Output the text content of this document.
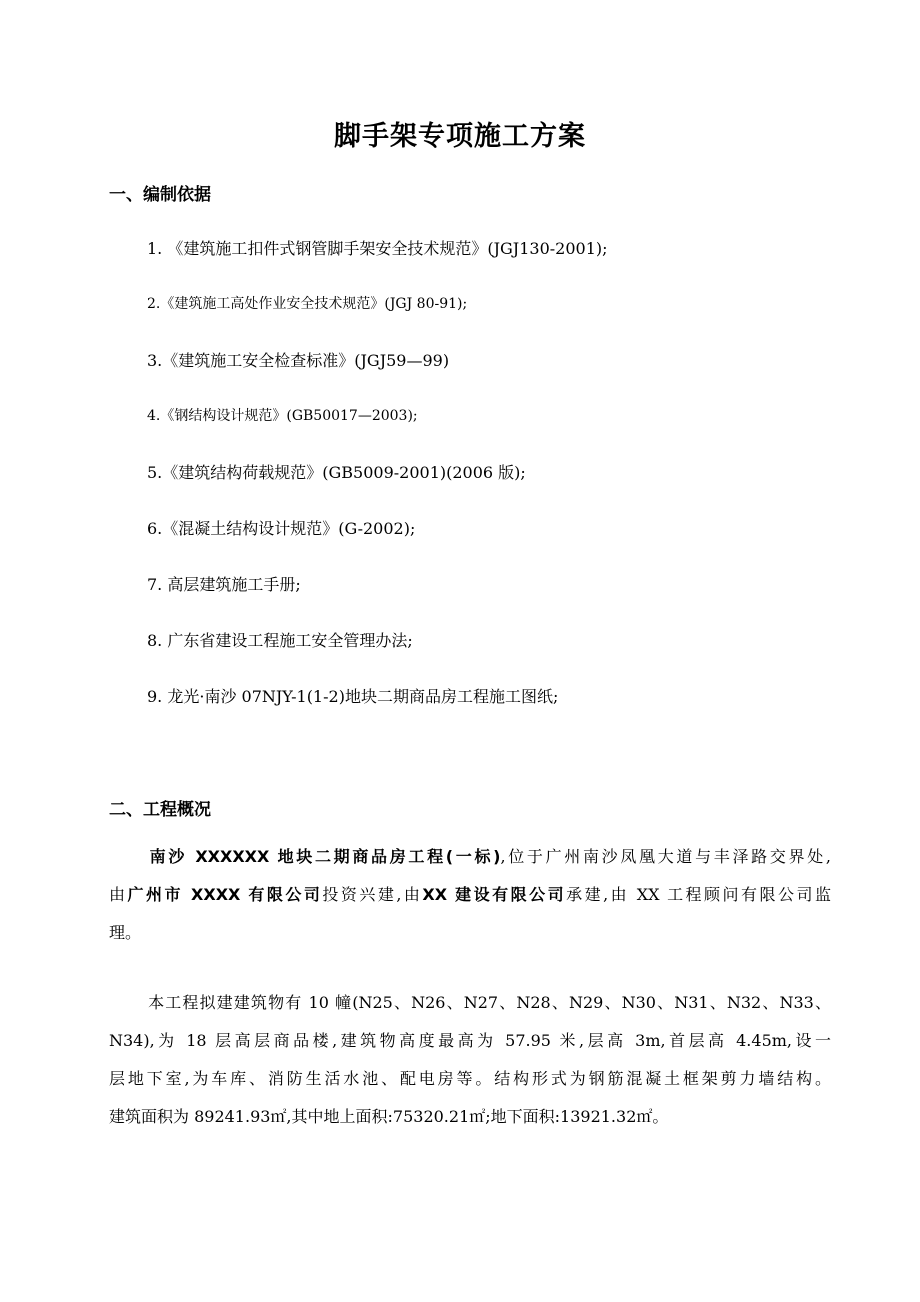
脚手架专项施工方案
一、编制依据
1. 《建筑施工扣件式钢管脚手架安全技术规范》(JGJ130-2001);
2.《建筑施工高处作业安全技术规范》(JGJ 80-91);
3.《建筑施工安全检查标准》(JGJ59—99)
4.《钢结构设计规范》(GB50017—2003);
5.《建筑结构荷载规范》(GB5009-2001)(2006 版);
6.《混凝土结构设计规范》(G-2002);
7. 高层建筑施工手册;
8. 广东省建设工程施工安全管理办法;
9. 龙光·南沙 07NJY-1(1-2)地块二期商品房工程施工图纸;
二、工程概况
南沙 XXXXXX 地块二期商品房工程(一标),位于广州南沙凤凰大道与丰泽路交界处,
由广州市 XXXX 有限公司投资兴建,由XX 建设有限公司承建,由 XX 工程顾问有限公司监
理。
本工程拟建建筑物有 10 幢(N25、N26、N27、N28、N29、N30、N31、N32、N33、
N34),为 18 层高层商品楼,建筑物高度最高为 57.95 米,层高 3m,首层高 4.45m,设一
层地下室,为车库、消防生活水池、配电房等。结构形式为钢筋混凝土框架剪力墙结构。
建筑面积为 89241.93㎡,其中地上面积:75320.21㎡;地下面积:13921.32㎡。
